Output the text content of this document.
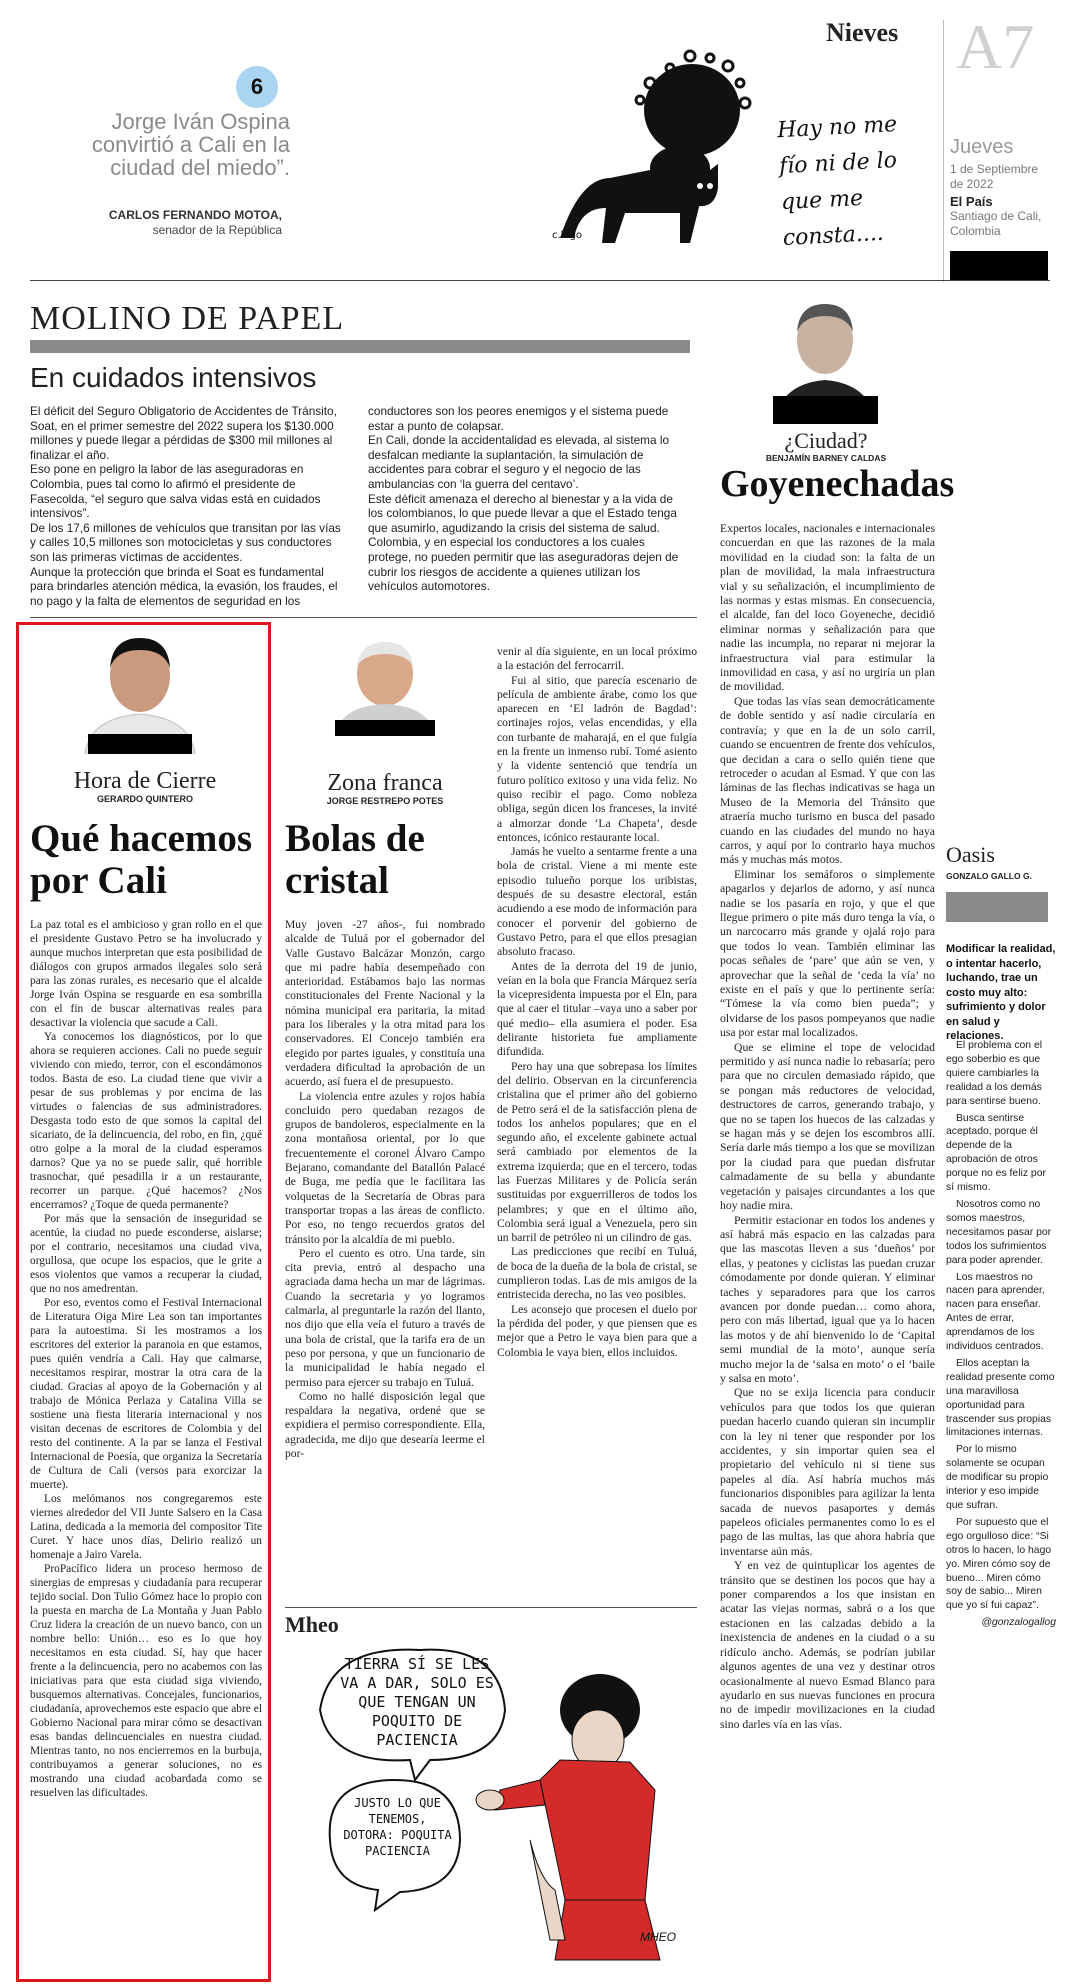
6
Jorge Iván Ospina convirtió a Cali en la ciudad del miedo”.
CARLOS FERNANDO MOTOA,
senador de la República	c.lago
Hay no me fío ni de lo que me consta....
Nieves A7
Jueves
1 de Septiembre de 2022
El País
Santiago de Cali, Colombia
MOLINO DE PAPEL
En cuidados intensivos
El déficit del Seguro Obligatorio de Accidentes de Tránsito, Soat, en el primer semestre del 2022 supera los $130.000 millones y puede llegar a pérdidas de $300 mil millones al finalizar el año.
Eso pone en peligro la labor de las aseguradoras en Colombia, pues tal como lo afirmó el presidente de Fasecolda, “el seguro que salva vidas está en cuidados intensivos”.
De los 17,6 millones de vehículos que transitan por las vías y calles 10,5 millones son motocicletas y sus conductores son las primeras víctimas de accidentes.
Aunque la protección que brinda el Soat es fundamental para brindarles atención médica, la evasión, los fraudes, el no pago y la falta de elementos de seguridad en los
conductores son los peores enemigos y el sistema puede estar a punto de colapsar.
En Cali, donde la accidentalidad es elevada, al sistema lo desfalcan mediante la suplantación, la simulación de accidentes para cobrar el seguro y el negocio de las ambulancias con ‘la guerra del centavo’.
Este déficit amenaza el derecho al bienestar y a la vida de los colombianos, lo que puede llevar a que el Estado tenga que asumirlo, agudizando la crisis del sistema de salud.
Colombia, y en especial los conductores a los cuales protege, no pueden permitir que las aseguradoras dejen de cubrir los riesgos de accidente a quienes utilizan los vehículos automotores.
Hora de Cierre
GERARDO QUINTERO
Qué hacemos por Cali

La paz total es el ambicioso y gran rollo en el que el presidente Gustavo Petro se ha involucrado y aunque muchos interpretan que esta posibilidad de diálogos con grupos armados ilegales solo será para las zonas rurales, es necesario que el alcalde Jorge Iván Ospina se resguarde en esa sombrilla con el fin de buscar alternativas reales para desactivar la violencia que sacude a Cali.

Ya conocemos los diagnósticos, por lo que ahora se requieren acciones. Cali no puede seguir viviendo con miedo, terror, con el escondámonos todos. Basta de eso. La ciudad tiene que vivir a pesar de sus problemas y por encima de las virtudes o falencias de sus administradores. Desgasta todo esto de que somos la capital del sicariato, de la delincuencia, del robo, en fin, ¿qué otro golpe a la moral de la ciudad esperamos darnos? Que ya no se puede salir, qué horrible trasnochar, qué pesadilla ir a un restaurante, recorrer un parque. ¿Qué hacemos? ¿Nos encerramos? ¿Toque de queda permanente?

Por más que la sensación de inseguridad se acentúe, la ciudad no puede esconderse, aislarse; por el contrario, necesitamos una ciudad viva, orgullosa, que ocupe los espacios, que le grite a esos violentos que vamos a recuperar la ciudad, que no nos amedrentan.

Por eso, eventos como el Festival Internacional de Literatura Oiga Mire Lea son tan importantes para la autoestima. Si les mostramos a los escritores del exterior la paranoia en que estamos, pues quién vendría a Cali. Hay que calmarse, necesitamos respirar, mostrar la otra cara de la ciudad. Gracias al apoyo de la Gobernación y al trabajo de Mónica Perlaza y Catalina Villa se sostiene una fiesta literaria internacional y nos visitan decenas de escritores de Colombia y del resto del continente. A la par se lanza el Festival Internacional de Poesía, que organiza la Secretaría de Cultura de Cali (versos para exorcizar la muerte).

Los melómanos nos congregaremos este viernes alrededor del VII Junte Salsero en la Casa Latina, dedicada a la memoria del compositor Tite Curet. Y hace unos días, Delirio realizó un homenaje a Jairo Varela.

ProPacífico lidera un proceso hermoso de sinergias de empresas y ciudadanía para recuperar tejido social. Don Tulio Gómez hace lo propio con la puesta en marcha de La Montaña y Juan Pablo Cruz lidera la creación de un nuevo banco, con un nombre bello: Unión… eso es lo que hoy necesitamos en esta ciudad. Sí, hay que hacer frente a la delincuencia, pero no acabemos con las iniciativas para que esta ciudad siga viviendo, busquemos alternativas. Concejales, funcionarios, ciudadanía, aprovechemos este espacio que abre el Gobierno Nacional para mirar cómo se desactivan esas bandas delincuenciales en nuestra ciudad. Mientras tanto, no nos encierremos en la burbuja, contribuyamos a generar soluciones, no es mostrando una ciudad acobardada como se resuelven las dificultades.

Zona franca
JORGE RESTREPO POTES
Bolas de cristal

Muy joven -27 años-, fui nombrado alcalde de Tuluá por el gobernador del Valle Gustavo Balcázar Monzón, cargo que mi padre había desempeñado con anterioridad. Estábamos bajo las normas constitucionales del Frente Nacional y la nómina municipal era paritaria, la mitad para los liberales y la otra mitad para los conservadores. El Concejo también era elegido por partes iguales, y constituía una verdadera dificultad la aprobación de un acuerdo, así fuera el de presupuesto.

La violencia entre azules y rojos había concluido pero quedaban rezagos de grupos de bandoleros, especialmente en la zona montañosa oriental, por lo que frecuentemente el coronel Álvaro Campo Bejarano, comandante del Batallón Palacé de Buga, me pedía que le facilitara las volquetas de la Secretaría de Obras para transportar tropas a las áreas de conflicto. Por eso, no tengo recuerdos gratos del tránsito por la alcaldía de mi pueblo.

Pero el cuento es otro. Una tarde, sin cita previa, entró al despacho una agraciada dama hecha un mar de lágrimas. Cuando la secretaria y yo logramos calmarla, al preguntarle la razón del llanto, nos dijo que ella veía el futuro a través de una bola de cristal, que la tarifa era de un peso por persona, y que un funcionario de la municipalidad le había negado el permiso para ejercer su trabajo en Tuluá.

Como no hallé disposición legal que respaldara la negativa, ordené que se expidiera el permiso correspondiente. Ella, agradecida, me dijo que desearía leerme el por-

venir al día siguiente, en un local próximo a la estación del ferrocarril.

Fui al sitio, que parecía escenario de película de ambiente árabe, como los que aparecen en ‘El ladrón de Bagdad’: cortinajes rojos, velas encendidas, y ella con turbante de maharajá, en el que fulgía en la frente un inmenso rubí. Tomé asiento y la vidente sentenció que tendría un futuro político exitoso y una vida feliz. No quiso recibir el pago. Como nobleza obliga, según dicen los franceses, la invité a almorzar donde ‘La Chapeta’, desde entonces, icónico restaurante local.

Jamás he vuelto a sentarme frente a una bola de cristal. Viene a mi mente este episodio tulueño porque los uribistas, después de su desastre electoral, están acudiendo a ese modo de información para conocer el porvenir del gobierno de Gustavo Petro, para el que ellos presagian absoluto fracaso.

Antes de la derrota del 19 de junio, veían en la bola que Francia Márquez sería la vicepresidenta impuesta por el Eln, para que al caer el titular –vaya uno a saber por qué medio– ella asumiera el poder. Esa delirante historieta fue ampliamente difundida.

Pero hay una que sobrepasa los límites del delirio. Observan en la circunferencia cristalina que el primer año del gobierno de Petro será el de la satisfacción plena de todos los anhelos populares; que en el segundo año, el excelente gabinete actual será cambiado por elementos de la extrema izquierda; que en el tercero, todas las Fuerzas Militares y de Policía serán sustituidas por exguerrilleros de todos los pelambres; y que en el último año, Colombia será igual a Venezuela, pero sin un barril de petróleo ni un cilindro de gas.

Las predicciones que recibí en Tuluá, de boca de la dueña de la bola de cristal, se cumplieron todas. Las de mis amigos de la entristecida derecha, no las veo posibles.

Les aconsejo que procesen el duelo por la pérdida del poder, y que piensen que es mejor que a Petro le vaya bien para que a Colombia le vaya bien, ellos incluidos.

Mheo
TIERRA SÍ SE LES VA A DAR, SOLO ES QUE TENGAN UN POQUITO DE PACIENCIA
JUSTO LO QUE TENEMOS, DOTORA: POQUITA PACIENCIA
MHEO
¿Ciudad?
BENJAMÍN BARNEY CALDAS
Goyenechadas

Expertos locales, nacionales e internacionales concuerdan en que las razones de la mala movilidad en la ciudad son: la falta de un plan de movilidad, la mala infraestructura vial y su señalización, el incumplimiento de las normas y estas mismas. En consecuencia, el alcalde, fan del loco Goyeneche, decidió eliminar normas y señalización para que nadie las incumpla, no reparar ni mejorar la infraestructura vial para estimular la inmovilidad en casa, y así no urgiría un plan de movilidad.

Que todas las vías sean democráticamente de doble sentido y así nadie circularía en contravía; y que en la de un solo carril, cuando se encuentren de frente dos vehículos, que decidan a cara o sello quién tiene que retroceder o acudan al Esmad. Y que con las láminas de las flechas indicativas se haga un Museo de la Memoria del Tránsito que atraería mucho turismo en busca del pasado cuando en las ciudades del mundo no haya carros, y aquí por lo contrario haya muchos más y muchas más motos.

Eliminar los semáforos o simplemente apagarlos y dejarlos de adorno, y así nunca nadie se los pasaría en rojo, y que el que llegue primero o pite más duro tenga la vía, o un narcocarro más grande y ojalá rojo para que todos lo vean. También eliminar las pocas señales de ‘pare’ que aún se ven, y aprovechar que la señal de ‘ceda la vía’ no existe en el país y que lo pertinente sería: “Tómese la vía como bien pueda”; y olvidarse de los pasos pompeyanos que nadie usa por estar mal localizados.

Que se elimine el tope de velocidad permitido y así nunca nadie lo rebasaría; pero para que no circulen demasiado rápido, que se pongan más reductores de velocidad, destructores de carros, generando trabajo, y que no se tapen los huecos de las calzadas y se hagan más y se dejen los escombros allí. Sería darle más tiempo a los que se movilizan por la ciudad para que puedan disfrutar calmadamente de su bella y abundante vegetación y paisajes circundantes a los que hoy nadie mira.

Permitir estacionar en todos los andenes y así habrá más espacio en las calzadas para que las mascotas lleven a sus ‘dueños’ por ellas, y peatones y ciclistas las puedan cruzar cómodamente por donde quieran. Y eliminar taches y separadores para que los carros avancen por donde puedan… como ahora, pero con más libertad, igual que ya lo hacen las motos y de ahí bienvenido lo de ‘Capital semi mundial de la moto’, aunque sería mucho mejor la de ‘salsa en moto’ o el ‘baile y salsa en moto’.

Que no se exija licencia para conducir vehículos para que todos los que quieran puedan hacerlo cuando quieran sin incumplir con la ley ni tener que responder por los accidentes, y sin importar quien sea el propietario del vehículo ni si tiene sus papeles al día. Así habría muchos más funcionarios disponibles para agilizar la lenta sacada de nuevos pasaportes y demás papeleos oficiales permanentes como lo es el pago de las multas, las que ahora habría que inventarse aún más.

Y en vez de quintuplicar los agentes de tránsito que se destinen los pocos que hay a poner comparendos a los que insistan en acatar las viejas normas, sabrá o a los que estacionen en las calzadas debido a la inexistencia de andenes en la ciudad o a su ridículo ancho. Además, se podrían jubilar algunos agentes de una vez y destinar otros ocasionalmente al nuevo Esmad Blanco para ayudarlo en sus nuevas funciones en procura no de impedir movilizaciones en la ciudad sino darles vía en las vías.

Oasis
GONZALO GALLO G.
Modificar la realidad, o intentar hacerlo, luchando, trae un costo muy alto: sufrimiento y dolor en salud y relaciones.

El problema con el ego soberbio es que quiere cambiarles la realidad a los demás para sentirse bueno.

Busca sentirse aceptado, porque él depende de la aprobación de otros porque no es feliz por sí mismo.

Nosotros como no somos maestros, necesitamos pasar por todos los sufrimientos para poder aprender.

Los maestros no nacen para aprender, nacen para enseñar. Antes de errar, aprendamos de los individuos centrados.

Ellos aceptan la realidad presente como una maravillosa oportunidad para trascender sus propias limitaciones internas.

Por lo mismo solamente se ocupan de modificar su propio interior y eso impide que sufran.

Por supuesto que el ego orgulloso dice: “Si otros lo hacen, lo hago yo. Miren cómo soy de bueno... Miren cómo soy de sabio... Miren que yo sí fui capaz”.

@gonzalogallog
